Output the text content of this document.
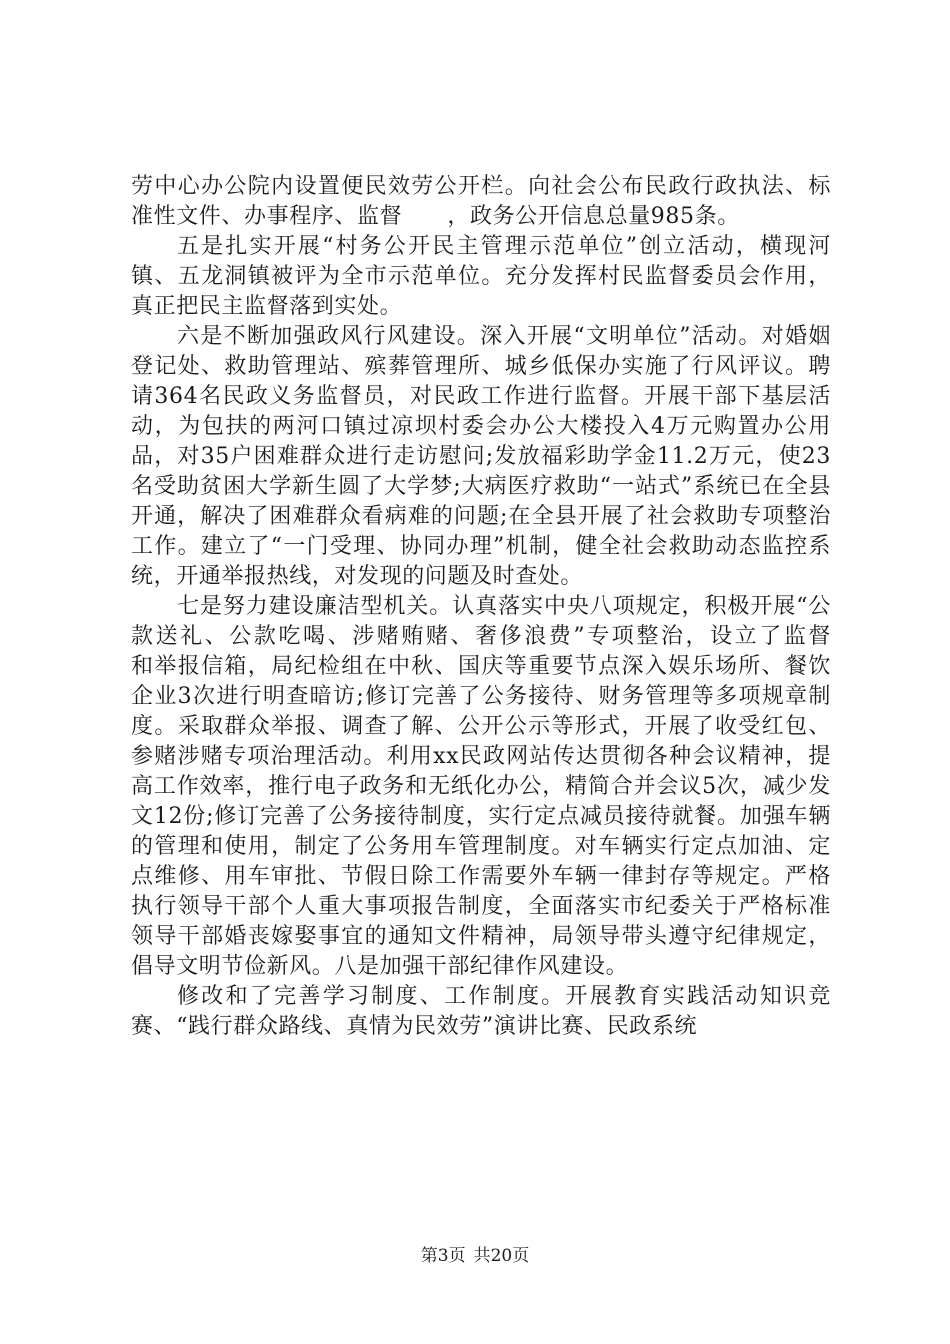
劳中心办公院内设置便民效劳公开栏。向社会公布民政行政执法、标准性文件、办事程序、监督　　，政务公开信息总量985条。

五是扎实开展“村务公开民主管理示范单位”创立活动，横现河镇、五龙洞镇被评为全市示范单位。充分发挥村民监督委员会作用，真正把民主监督落到实处。

六是不断加强政风行风建设。深入开展“文明单位”活动。对婚姻登记处、救助管理站、殡葬管理所、城乡低保办实施了行风评议。聘请364名民政义务监督员，对民政工作进行监督。开展干部下基层活动，为包扶的两河口镇过凉坝村委会办公大楼投入4万元购置办公用品，对35户困难群众进行走访慰问;发放福彩助学金11.2万元，使23名受助贫困大学新生圆了大学梦;大病医疗救助“一站式”系统已在全县开通，解决了困难群众看病难的问题;在全县开展了社会救助专项整治工作。建立了“一门受理、协同办理”机制，健全社会救助动态监控系统，开通举报热线，对发现的问题及时查处。

七是努力建设廉洁型机关。认真落实中央八项规定，积极开展“公款送礼、公款吃喝、涉赌贿赌、奢侈浪费”专项整治，设立了监督　　和举报信箱，局纪检组在中秋、国庆等重要节点深入娱乐场所、餐饮企业3次进行明查暗访;修订完善了公务接待、财务管理等多项规章制度。采取群众举报、调查了解、公开公示等形式，开展了收受红包、参赌涉赌专项治理活动。利用xx民政网站传达贯彻各种会议精神，提高工作效率，推行电子政务和无纸化办公，精简合并会议5次，减少发文12份;修订完善了公务接待制度，实行定点减员接待就餐。加强车辆的管理和使用，制定了公务用车管理制度。对车辆实行定点加油、定点维修、用车审批、节假日除工作需要外车辆一律封存等规定。严格执行领导干部个人重大事项报告制度，全面落实市纪委关于严格标准领导干部婚丧嫁娶事宜的通知文件精神，局领导带头遵守纪律规定，倡导文明节俭新风。八是加强干部纪律作风建设。

修改和了完善学习制度、工作制度。开展教育实践活动知识竞赛、“践行群众路线、真情为民效劳”演讲比赛、民政系统

第3页 共20页
